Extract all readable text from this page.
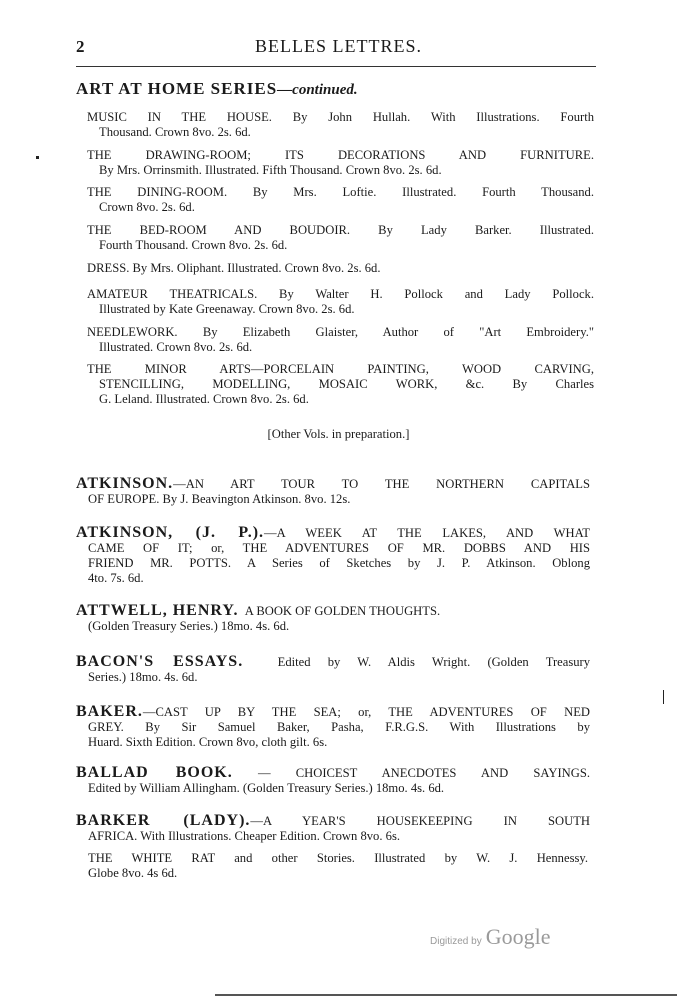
2	BELLES LETTRES.
ART AT HOME SERIES—continued.
MUSIC IN THE HOUSE. By John Hullah. With Illustrations. Fourth
Thousand. Crown 8vo. 2s. 6d.
THE DRAWING-ROOM; ITS DECORATIONS AND FURNITURE.
By Mrs. Orrinsmith. Illustrated. Fifth Thousand. Crown 8vo. 2s. 6d.
THE DINING-ROOM. By Mrs. Loftie. Illustrated. Fourth Thousand.
Crown 8vo. 2s. 6d.
THE BED-ROOM AND BOUDOIR. By Lady Barker. Illustrated.
Fourth Thousand. Crown 8vo. 2s. 6d.
DRESS. By Mrs. Oliphant. Illustrated. Crown 8vo. 2s. 6d.
AMATEUR THEATRICALS. By Walter H. Pollock and Lady Pollock.
Illustrated by Kate Greenaway. Crown 8vo. 2s. 6d.
NEEDLEWORK. By Elizabeth Glaister, Author of "Art Embroidery."
Illustrated. Crown 8vo. 2s. 6d.
THE MINOR ARTS—PORCELAIN PAINTING, WOOD CARVING,
STENCILLING, MODELLING, MOSAIC WORK, &c. By Charles
G. Leland. Illustrated. Crown 8vo. 2s. 6d.
[Other Vols. in preparation.]
ATKINSON.—AN ART TOUR TO THE NORTHERN CAPITALS
OF EUROPE. By J. Beavington Atkinson. 8vo. 12s.
ATKINSON, (J. P.).—A WEEK AT THE LAKES, AND WHAT
CAME OF IT; or, THE ADVENTURES OF MR. DOBBS AND HIS
FRIEND MR. POTTS. A Series of Sketches by J. P. Atkinson. Oblong
4to. 7s. 6d.
ATTWELL, HENRY. A BOOK OF GOLDEN THOUGHTS.
(Golden Treasury Series.) 18mo. 4s. 6d.
BACON'S ESSAYS.	Edited by W. Aldis Wright. (Golden Treasury
Series.) 18mo. 4s. 6d.
BAKER.—CAST UP BY THE SEA; or, THE ADVENTURES OF NED
GREY. By Sir Samuel Baker, Pasha, F.R.G.S. With Illustrations by
Huard. Sixth Edition. Crown 8vo, cloth gilt. 6s.
BALLAD BOOK. — CHOICEST ANECDOTES AND SAYINGS.
Edited by William Allingham. (Golden Treasury Series.) 18mo. 4s. 6d.
BARKER (LADY).—A YEAR'S HOUSEKEEPING IN SOUTH
AFRICA. With Illustrations. Cheaper Edition. Crown 8vo. 6s.
THE WHITE RAT and other Stories. Illustrated by W. J. Hennessy.
Globe 8vo. 4s 6d.
Digitized by Google
